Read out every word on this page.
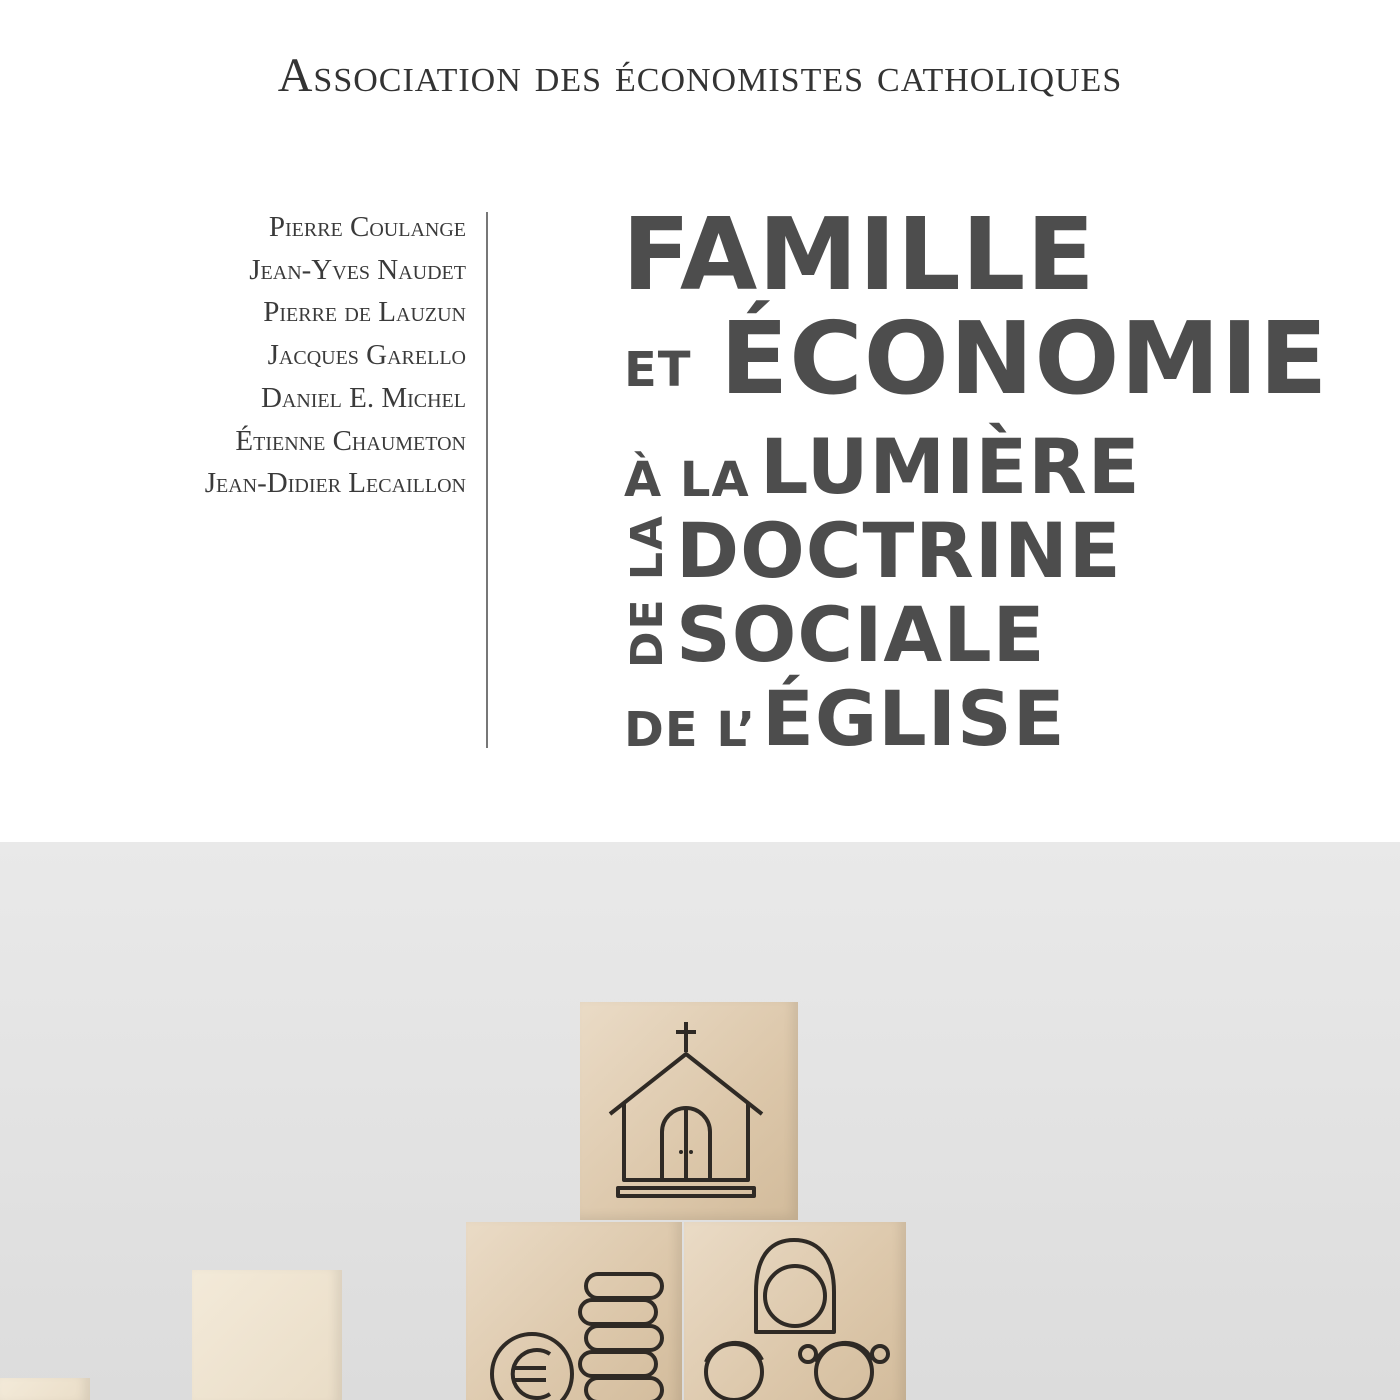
Association des économistes catholiques
Pierre Coulange
Jean-Yves Naudet
Pierre de Lauzun
Jacques Garello
Daniel E. Michel
Étienne Chaumeton
Jean-Didier Lecaillon
FAMILLE
ET ÉCONOMIE
À LA LUMIÈRE
DE LA DOCTRINE
SOCIALE
DE L’ ÉGLISE
